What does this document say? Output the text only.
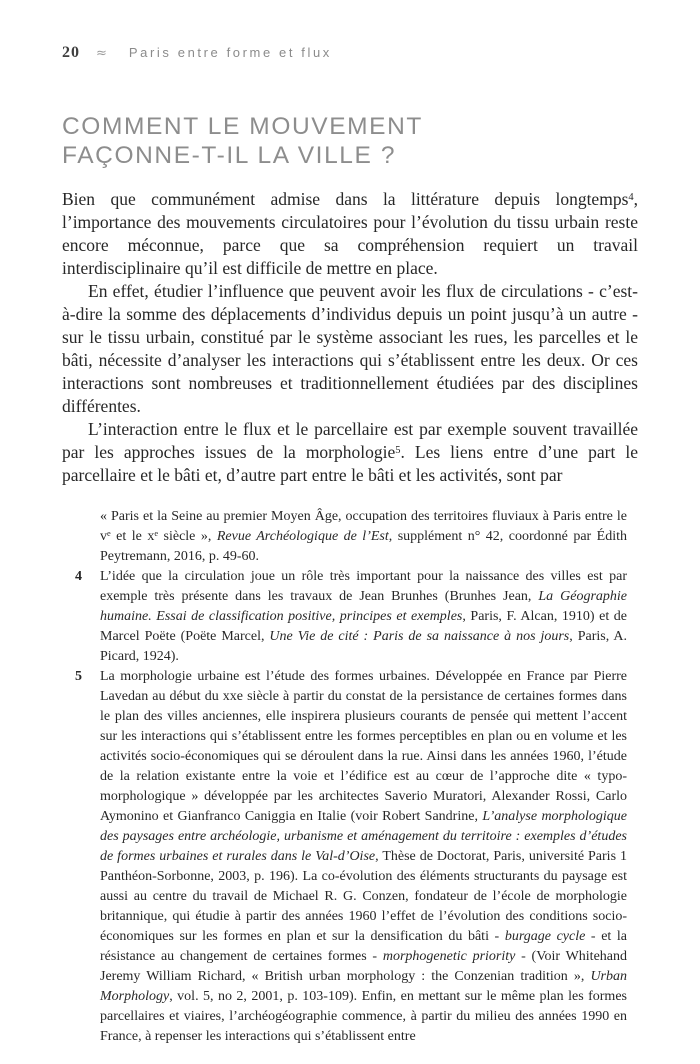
20 ≈ Paris entre forme et flux
COMMENT LE MOUVEMENT
FAÇONNE-T-IL LA VILLE ?

Bien que communément admise dans la littérature depuis longtemps$^4$, l’importance des mouvements circulatoires pour l’évolution du tissu urbain reste encore méconnue, parce que sa compréhension requiert un travail interdisciplinaire qu’il est difficile de mettre en place.

En effet, étudier l’influence que peuvent avoir les flux de circulations - c’est-à-dire la somme des déplacements d’individus depuis un point jusqu’à un autre - sur le tissu urbain, constitué par le système associant les rues, les parcelles et le bâti, nécessite d’analyser les interactions qui s’établissent entre les deux. Or ces interactions sont nombreuses et traditionnellement étudiées par des disciplines différentes.

L’interaction entre le flux et le parcellaire est par exemple souvent travaillée par les approches issues de la morphologie$^5$. Les liens entre d’une part le parcellaire et le bâti et, d’autre part entre le bâti et les activités, sont par

« Paris et la Seine au premier Moyen Âge, occupation des territoires fluviaux à Paris entre le $v^e$ et le $x^e$ siècle », Revue Archéologique de l’Est, supplément n° 42, coordonné par Édith Peytremann, 2016, p. 49-60.
4	L’idée que la circulation joue un rôle très important pour la naissance des villes est par exemple très présente dans les travaux de Jean Brunhes (Brunhes Jean, La Géographie humaine. Essai de classification positive, principes et exemples, Paris, F. Alcan, 1910) et de Marcel Poëte (Poëte Marcel, Une Vie de cité : Paris de sa naissance à nos jours, Paris, A. Picard, 1924).
5	La morphologie urbaine est l’étude des formes urbaines. Développée en France par Pierre Lavedan au début du xxe siècle à partir du constat de la persistance de certaines formes dans le plan des villes anciennes, elle inspirera plusieurs courants de pensée qui mettent l’accent sur les interactions qui s’établissent entre les formes perceptibles en plan ou en volume et les activités socio-économiques qui se déroulent dans la rue. Ainsi dans les années 1960, l’étude de la relation existante entre la voie et l’édifice est au cœur de l’approche dite « typo-morphologique » développée par les architectes Saverio Muratori, Alexander Rossi, Carlo Aymonino et Gianfranco Caniggia en Italie (voir Robert Sandrine, L’analyse morphologique des paysages entre archéologie, urbanisme et aménagement du territoire : exemples d’études de formes urbaines et rurales dans le Val-d’Oise, Thèse de Doctorat, Paris, université Paris 1 Panthéon-Sorbonne, 2003, p. 196). La co-évolution des éléments structurants du paysage est aussi au centre du travail de Michael R. G. Conzen, fondateur de l’école de morphologie britannique, qui étudie à partir des années 1960 l’effet de l’évolution des conditions socio-économiques sur les formes en plan et sur la densification du bâti - burgage cycle - et la résistance au changement de certaines formes - morphogenetic priority - (Voir Whitehand Jeremy William Richard, « British urban morphology : the Conzenian tradition », Urban Morphology, vol. 5, no 2, 2001, p. 103-109). Enfin, en mettant sur le même plan les formes parcellaires et viaires, l’archéogéographie commence, à partir du milieu des années 1990 en France, à repenser les interactions qui s’établissent entre
